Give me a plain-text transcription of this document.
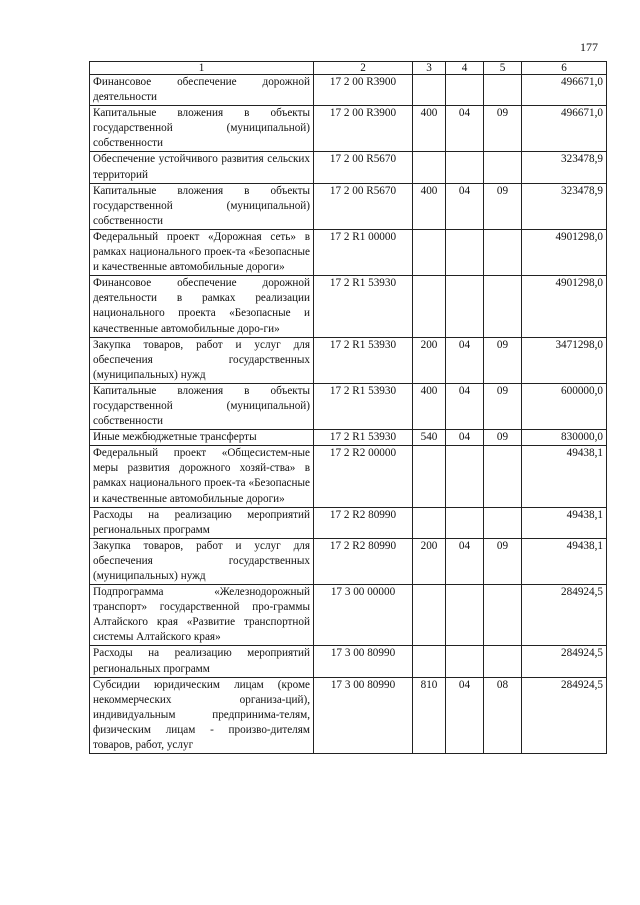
177
1	2	3	4	5	6
Финансовое обеспечение дорожной деятельности	17 2 00 R3900				496671,0
Капитальные вложения в объекты государственной (муниципальной) собственности	17 2 00 R3900	400	04	09	496671,0
Обеспечение устойчивого развития сельских территорий	17 2 00 R5670				323478,9
Капитальные вложения в объекты государственной (муниципальной) собственности	17 2 00 R5670	400	04	09	323478,9
Федеральный проект «Дорожная сеть» в рамках национального проек-та «Безопасные и качественные автомобильные дороги»	17 2 R1 00000				4901298,0
Финансовое обеспечение дорожной деятельности в рамках реализации национального проекта «Безопасные и качественные автомобильные доро-ги»	17 2 R1 53930				4901298,0
Закупка товаров, работ и услуг для обеспечения государственных (муниципальных) нужд	17 2 R1 53930	200	04	09	3471298,0
Капитальные вложения в объекты государственной (муниципальной) собственности	17 2 R1 53930	400	04	09	600000,0
Иные межбюджетные трансферты	17 2 R1 53930	540	04	09	830000,0
Федеральный проект «Общесистем-ные меры развития дорожного хозяй-ства» в рамках национального проек-та «Безопасные и качественные автомобильные дороги»	17 2 R2 00000				49438,1
Расходы на реализацию мероприятий региональных программ	17 2 R2 80990				49438,1
Закупка товаров, работ и услуг для обеспечения государственных (муниципальных) нужд	17 2 R2 80990	200	04	09	49438,1
Подпрограмма «Железнодорожный транспорт» государственной про-граммы Алтайского края «Развитие транспортной системы Алтайского края»	17 3 00 00000				284924,5
Расходы на реализацию мероприятий региональных программ	17 3 00 80990				284924,5
Субсидии юридическим лицам (кроме некоммерческих организа-ций), индивидуальным предпринима-телям, физическим лицам - произво-дителям товаров, работ, услуг	17 3 00 80990	810	04	08	284924,5
